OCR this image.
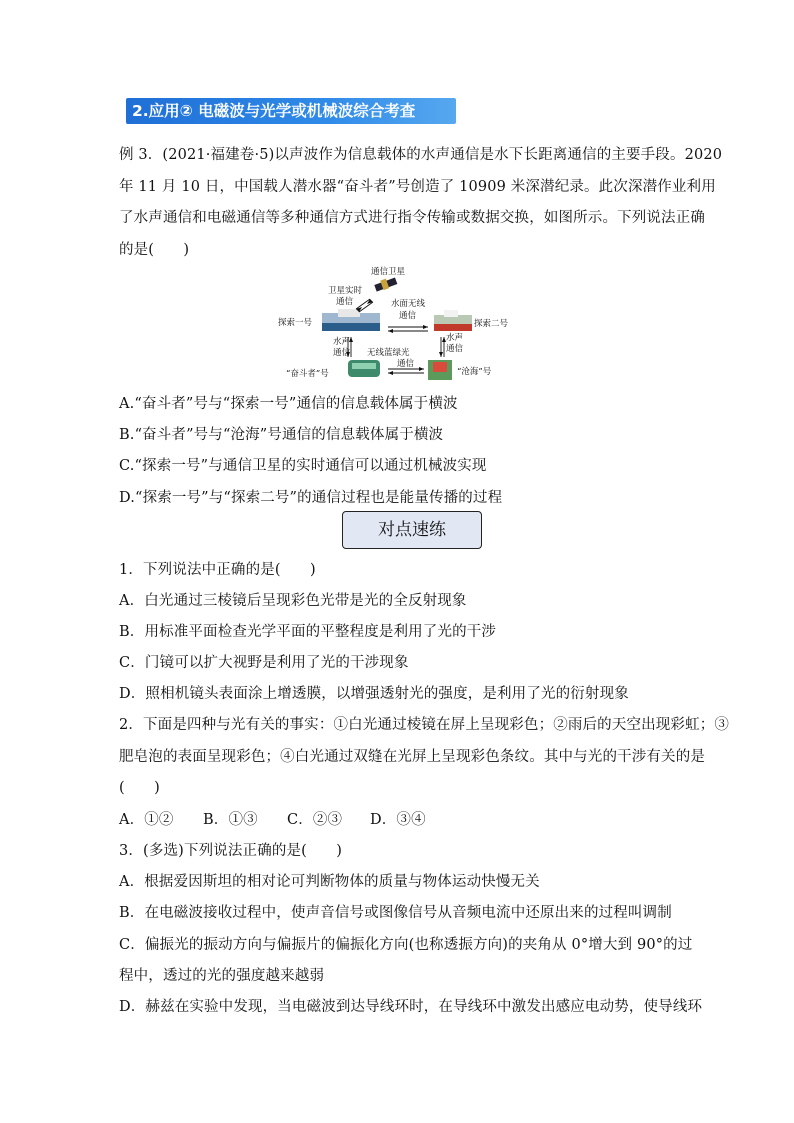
2.应用② 电磁波与光学或机械波综合考查
例 3．(2021·福建卷·5)以声波作为信息载体的水声通信是水下长距离通信的主要手段。2020
年 11 月 10 日，中国载人潜水器“奋斗者”号创造了 10909 米深潜纪录。此次深潜作业利用
了水声通信和电磁通信等多种通信方式进行指令传输或数据交换，如图所示。下列说法正确
的是(　　)
通信卫星
卫星实时
通信	水面无线
通信
探索一号	探索二号
水声
通信
水声
通信
无线蓝绿光
通信
“奋斗者”号	“沧海”号
A.“奋斗者”号与“探索一号”通信的信息载体属于横波
B.“奋斗者”号与“沧海”号通信的信息载体属于横波
C.“探索一号”与通信卫星的实时通信可以通过机械波实现
D.“探索一号”与“探索二号”的通信过程也是能量传播的过程
对点速练
1．下列说法中正确的是(　　)
A．白光通过三棱镜后呈现彩色光带是光的全反射现象
B．用标准平面检查光学平面的平整程度是利用了光的干涉
C．门镜可以扩大视野是利用了光的干涉现象
D．照相机镜头表面涂上增透膜，以增强透射光的强度，是利用了光的衍射现象
2．下面是四种与光有关的事实：①白光通过棱镜在屏上呈现彩色；②雨后的天空出现彩虹；③
肥皂泡的表面呈现彩色；④白光通过双缝在光屏上呈现彩色条纹。其中与光的干涉有关的是
(　　)
A．①② B．①③ C．②③ D．③④
3．(多选)下列说法正确的是(　　)
A．根据爱因斯坦的相对论可判断物体的质量与物体运动快慢无关
B．在电磁波接收过程中，使声音信号或图像信号从音频电流中还原出来的过程叫调制
C．偏振光的振动方向与偏振片的偏振化方向(也称透振方向)的夹角从 0°增大到 90°的过
程中，透过的光的强度越来越弱
D．赫兹在实验中发现，当电磁波到达导线环时，在导线环中激发出感应电动势，使导线环
